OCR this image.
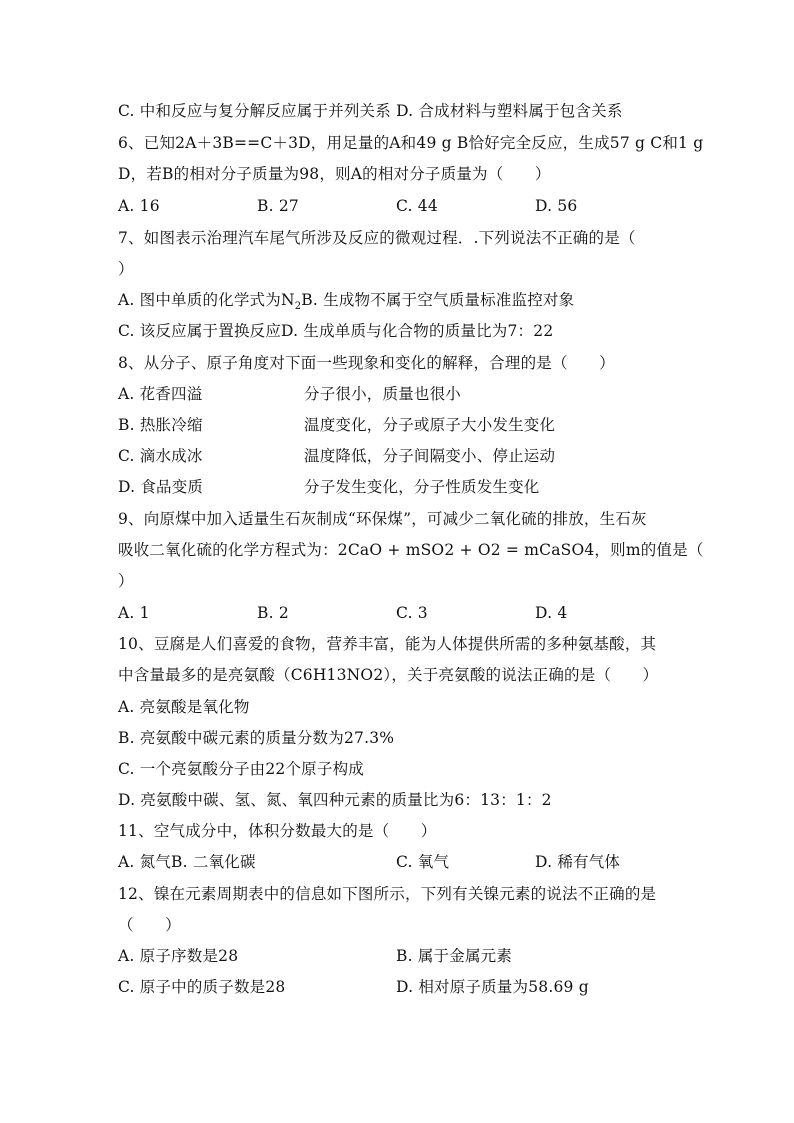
C. 中和反应与复分解反应属于并列关系 D. 合成材料与塑料属于包含关系
6、已知2A＋3B==C＋3D，用足量的A和49 g B恰好完全反应，生成57 g C和1 g
D，若B的相对分子质量为98，则A的相对分子质量为（　　）
A. 16	B. 27	C. 44	D. 56
7、如图表示治理汽车尾气所涉及反应的微观过程．.下列说法不正确的是（
）
A. 图中单质的化学式为$N_2B$. 生成物不属于空气质量标准监控对象
C. 该反应属于置换反应D. 生成单质与化合物的质量比为7：22
8、从分子、原子角度对下面一些现象和变化的解释，合理的是（　　）
A. 花香四溢	分子很小，质量也很小
B. 热胀冷缩	温度变化，分子或原子大小发生变化
C. 滴水成冰	温度降低，分子间隔变小、停止运动
D. 食品变质	分子发生变化，分子性质发生变化
9、向原煤中加入适量生石灰制成“环保煤”，可减少二氧化硫的排放，生石灰
吸收二氧化硫的化学方程式为：2CaO + mSO2 + O2 = mCaSO4，则m的值是（
）
A. 1	B. 2	C. 3	D. 4
10、豆腐是人们喜爱的食物，营养丰富，能为人体提供所需的多种氨基酸，其
中含量最多的是亮氨酸（C6H13NO2），关于亮氨酸的说法正确的是（　　）
A. 亮氨酸是氧化物
B. 亮氨酸中碳元素的质量分数为27.3%
C. 一个亮氨酸分子由22个原子构成
D. 亮氨酸中碳、氢、氮、氧四种元素的质量比为6：13：1：2
11、空气成分中，体积分数最大的是（　　）
A. 氮气B. 二氧化碳	C. 氧气	D. 稀有气体
12、镍在元素周期表中的信息如下图所示，下列有关镍元素的说法不正确的是
（　　）
A. 原子序数是28	B. 属于金属元素
C. 原子中的质子数是28	D. 相对原子质量为58.69 g
